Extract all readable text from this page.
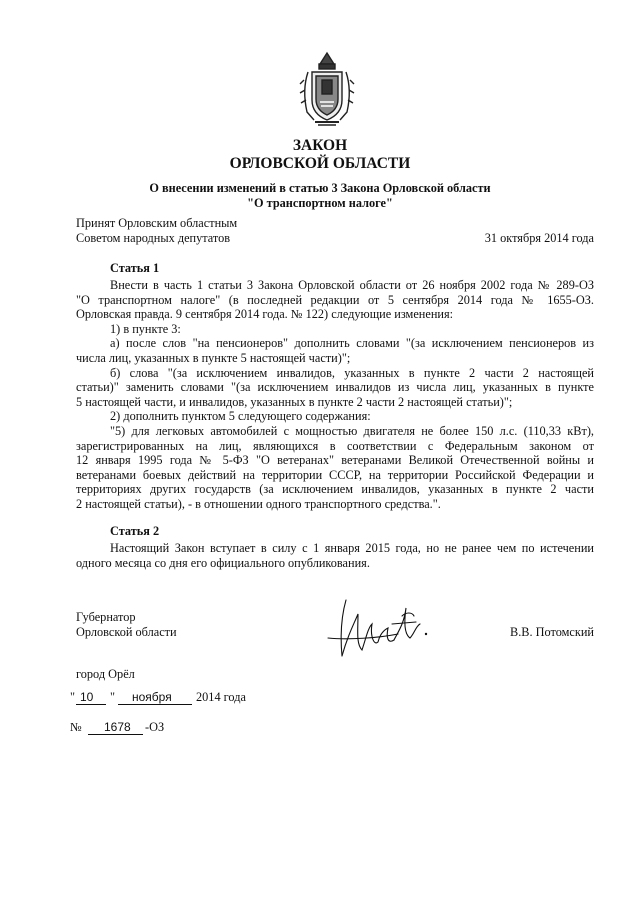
ЗАКОН
ОРЛОВСКОЙ ОБЛАСТИ
О внесении изменений в статью 3 Закона Орловской области
"О транспортном налоге"
Принят Орловским областным
Советом народных депутатов	31 октября 2014 года
Статья 1
Внести в часть 1 статьи 3 Закона Орловской области от 26 ноября 2002 года № 289-ОЗ
"О транспортном налоге" (в последней редакции от 5 сентября 2014 года № 1655-ОЗ.
Орловская правда. 9 сентября 2014 года. № 122) следующие изменения:
1) в пункте 3:
а) после слов "на пенсионеров" дополнить словами "(за исключением пенсионеров из
числа лиц, указанных в пункте 5 настоящей части)";
б) слова "(за исключением инвалидов, указанных в пункте 2 части 2 настоящей
статьи)" заменить словами "(за исключением инвалидов из числа лиц, указанных в пункте
5 настоящей части, и инвалидов, указанных в пункте 2 части 2 настоящей статьи)";
2) дополнить пунктом 5 следующего содержания:
"5) для легковых автомобилей с мощностью двигателя не более 150 л.с. (110,33 кВт),
зарегистрированных на лиц, являющихся в соответствии с Федеральным законом от
12 января 1995 года № 5-ФЗ "О ветеранах" ветеранами Великой Отечественной войны и
ветеранами боевых действий на территории СССР, на территории Российской Федерации и
территориях других государств (за исключением инвалидов, указанных в пункте 2 части
2 настоящей статьи), - в отношении одного транспортного средства.".
Статья 2
Настоящий Закон вступает в силу с 1 января 2015 года, но не ранее чем по истечении
одного месяца со дня его официального опубликования.
Губернатор
Орловской области	В.В. Потомский
город Орёл
" 10 " ноября 2014 года
№ 1678 -ОЗ
